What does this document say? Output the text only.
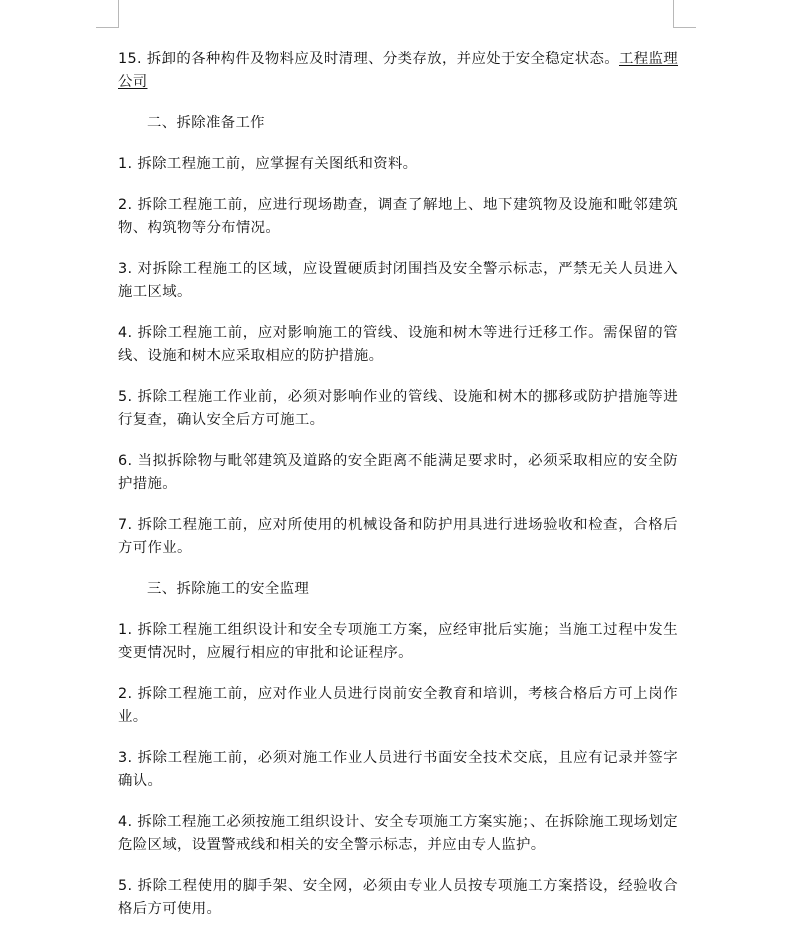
15. 拆卸的各种构件及物料应及时清理、分类存放，并应处于安全稳定状态。工程监理公司

二、拆除准备工作

1. 拆除工程施工前，应掌握有关图纸和资料。

2. 拆除工程施工前，应进行现场勘查，调查了解地上、地下建筑物及设施和毗邻建筑物、构筑物等分布情况。

3. 对拆除工程施工的区域，应设置硬质封闭围挡及安全警示标志，严禁无关人员进入施工区域。

4. 拆除工程施工前，应对影响施工的管线、设施和树木等进行迁移工作。需保留的管线、设施和树木应采取相应的防护措施。

5. 拆除工程施工作业前，必须对影响作业的管线、设施和树木的挪移或防护措施等进行复查，确认安全后方可施工。

6. 当拟拆除物与毗邻建筑及道路的安全距离不能满足要求时，必须采取相应的安全防护措施。

7. 拆除工程施工前，应对所使用的机械设备和防护用具进行进场验收和检查，合格后方可作业。

三、拆除施工的安全监理

1. 拆除工程施工组织设计和安全专项施工方案，应经审批后实施；当施工过程中发生变更情况时，应履行相应的审批和论证程序。

2. 拆除工程施工前，应对作业人员进行岗前安全教育和培训，考核合格后方可上岗作业。

3. 拆除工程施工前，必须对施工作业人员进行书面安全技术交底，且应有记录并签字确认。

4. 拆除工程施工必须按施工组织设计、安全专项施工方案实施；、在拆除施工现场划定危险区域，设置警戒线和相关的安全警示标志，并应由专人监护。

5. 拆除工程使用的脚手架、安全网，必须由专业人员按专项施工方案搭设，经验收合格后方可使用。
